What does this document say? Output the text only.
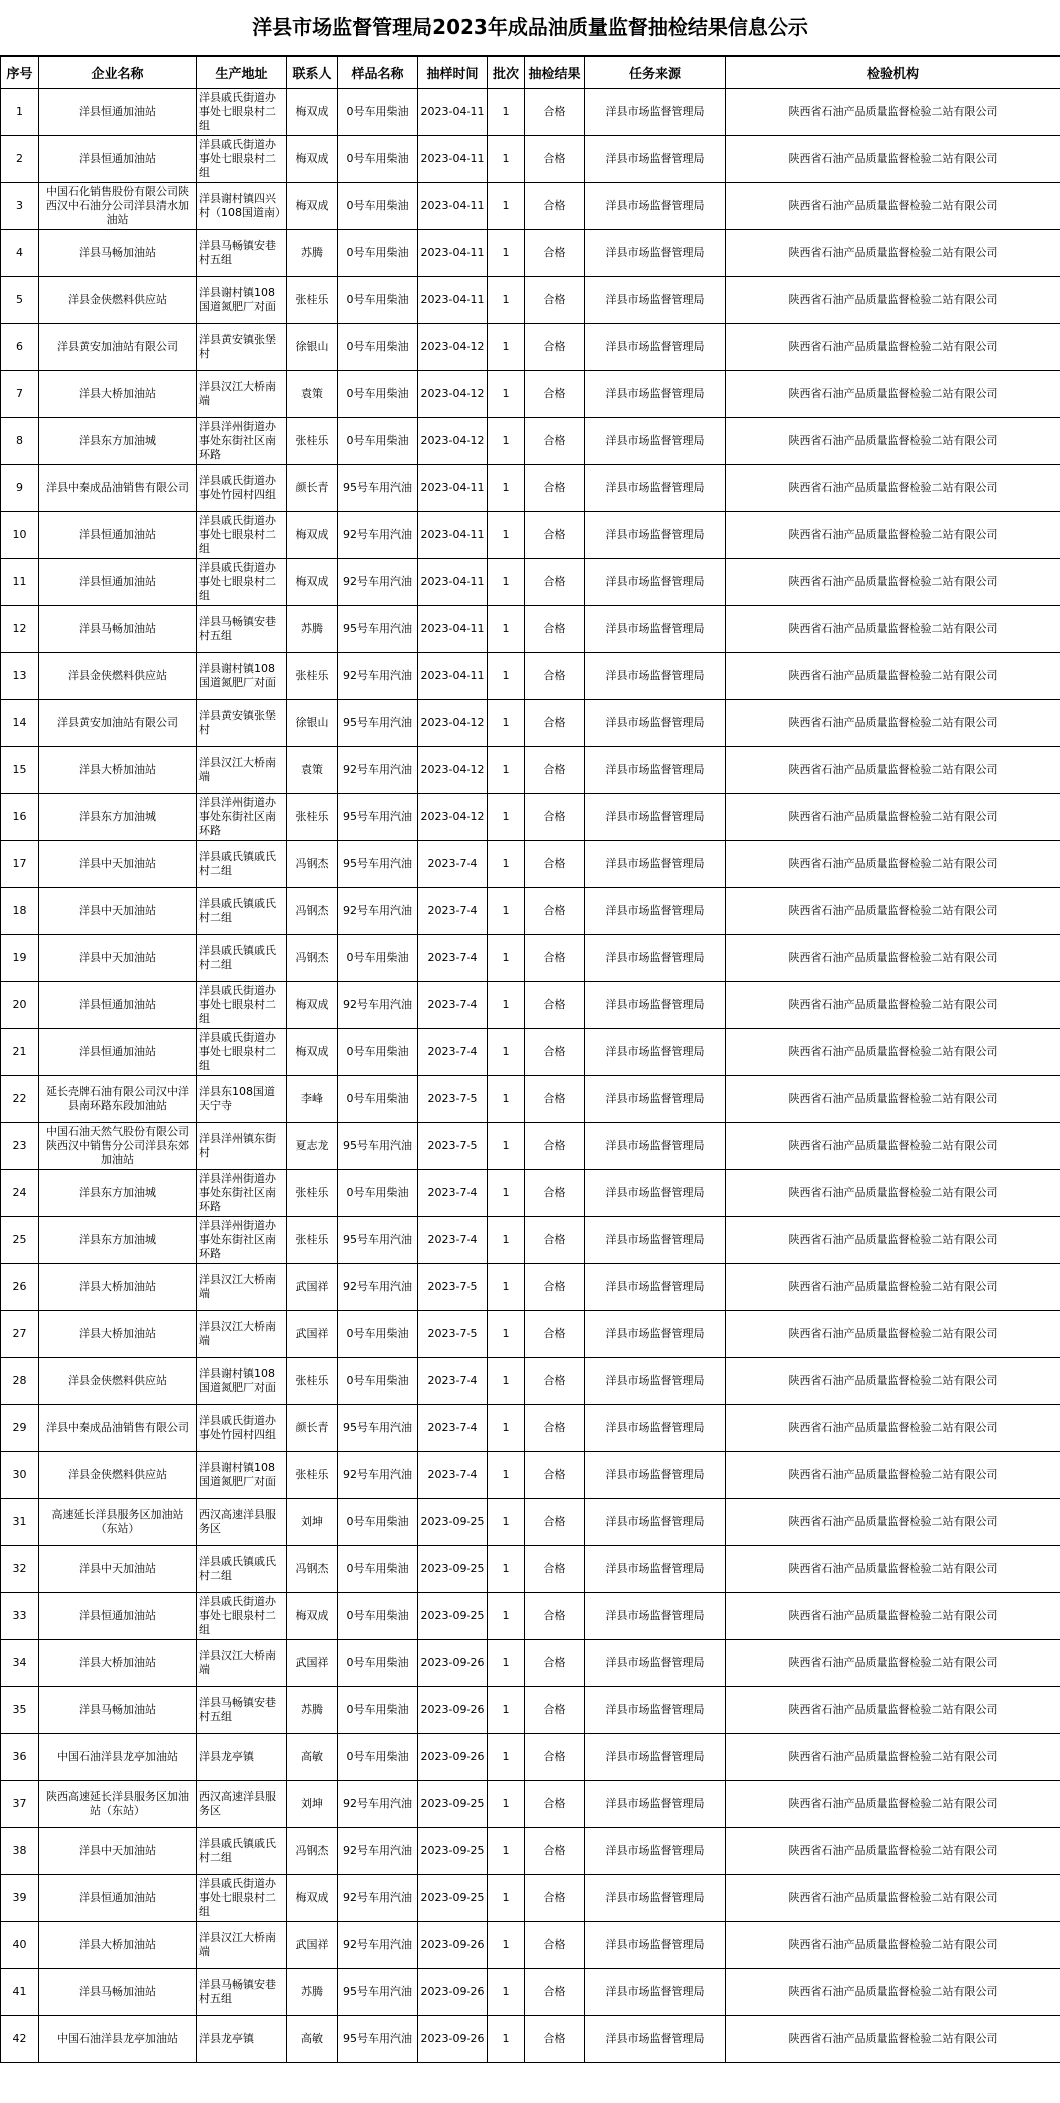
洋县市场监督管理局2023年成品油质量监督抽检结果信息公示
序号	企业名称	生产地址	联系人	样品名称	抽样时间	批次	抽检结果	任务来源	检验机构
1	洋县恒通加油站	洋县戚氏街道办事处七眼泉村二组	梅双成	0号车用柴油	2023-04-11	1	合格	洋县市场监督管理局	陕西省石油产品质量监督检验二站有限公司
2	洋县恒通加油站	洋县戚氏街道办事处七眼泉村二组	梅双成	0号车用柴油	2023-04-11	1	合格	洋县市场监督管理局	陕西省石油产品质量监督检验二站有限公司
3	中国石化销售股份有限公司陕西汉中石油分公司洋县清水加油站	洋县谢村镇四兴村（108国道南）	梅双成	0号车用柴油	2023-04-11	1	合格	洋县市场监督管理局	陕西省石油产品质量监督检验二站有限公司
4	洋县马畅加油站	洋县马畅镇安巷村五组	苏腾	0号车用柴油	2023-04-11	1	合格	洋县市场监督管理局	陕西省石油产品质量监督检验二站有限公司
5	洋县金侠燃料供应站	洋县谢村镇108国道氮肥厂对面	张桂乐	0号车用柴油	2023-04-11	1	合格	洋县市场监督管理局	陕西省石油产品质量监督检验二站有限公司
6	洋县黄安加油站有限公司	洋县黄安镇张堡村	徐银山	0号车用柴油	2023-04-12	1	合格	洋县市场监督管理局	陕西省石油产品质量监督检验二站有限公司
7	洋县大桥加油站	洋县汉江大桥南端	袁策	0号车用柴油	2023-04-12	1	合格	洋县市场监督管理局	陕西省石油产品质量监督检验二站有限公司
8	洋县东方加油城	洋县洋州街道办事处东街社区南环路	张桂乐	0号车用柴油	2023-04-12	1	合格	洋县市场监督管理局	陕西省石油产品质量监督检验二站有限公司
9	洋县中秦成品油销售有限公司	洋县戚氏街道办事处竹园村四组	颜长青	95号车用汽油	2023-04-11	1	合格	洋县市场监督管理局	陕西省石油产品质量监督检验二站有限公司
10	洋县恒通加油站	洋县戚氏街道办事处七眼泉村二组	梅双成	92号车用汽油	2023-04-11	1	合格	洋县市场监督管理局	陕西省石油产品质量监督检验二站有限公司
11	洋县恒通加油站	洋县戚氏街道办事处七眼泉村二组	梅双成	92号车用汽油	2023-04-11	1	合格	洋县市场监督管理局	陕西省石油产品质量监督检验二站有限公司
12	洋县马畅加油站	洋县马畅镇安巷村五组	苏腾	95号车用汽油	2023-04-11	1	合格	洋县市场监督管理局	陕西省石油产品质量监督检验二站有限公司
13	洋县金侠燃料供应站	洋县谢村镇108国道氮肥厂对面	张桂乐	92号车用汽油	2023-04-11	1	合格	洋县市场监督管理局	陕西省石油产品质量监督检验二站有限公司
14	洋县黄安加油站有限公司	洋县黄安镇张堡村	徐银山	95号车用汽油	2023-04-12	1	合格	洋县市场监督管理局	陕西省石油产品质量监督检验二站有限公司
15	洋县大桥加油站	洋县汉江大桥南端	袁策	92号车用汽油	2023-04-12	1	合格	洋县市场监督管理局	陕西省石油产品质量监督检验二站有限公司
16	洋县东方加油城	洋县洋州街道办事处东街社区南环路	张桂乐	95号车用汽油	2023-04-12	1	合格	洋县市场监督管理局	陕西省石油产品质量监督检验二站有限公司
17	洋县中天加油站	洋县戚氏镇戚氏村二组	冯钢杰	95号车用汽油	2023-7-4	1	合格	洋县市场监督管理局	陕西省石油产品质量监督检验二站有限公司
18	洋县中天加油站	洋县戚氏镇戚氏村二组	冯钢杰	92号车用汽油	2023-7-4	1	合格	洋县市场监督管理局	陕西省石油产品质量监督检验二站有限公司
19	洋县中天加油站	洋县戚氏镇戚氏村二组	冯钢杰	0号车用柴油	2023-7-4	1	合格	洋县市场监督管理局	陕西省石油产品质量监督检验二站有限公司
20	洋县恒通加油站	洋县戚氏街道办事处七眼泉村二组	梅双成	92号车用汽油	2023-7-4	1	合格	洋县市场监督管理局	陕西省石油产品质量监督检验二站有限公司
21	洋县恒通加油站	洋县戚氏街道办事处七眼泉村二组	梅双成	0号车用柴油	2023-7-4	1	合格	洋县市场监督管理局	陕西省石油产品质量监督检验二站有限公司
22	延长壳牌石油有限公司汉中洋县南环路东段加油站	洋县东108国道天宁寺	李峰	0号车用柴油	2023-7-5	1	合格	洋县市场监督管理局	陕西省石油产品质量监督检验二站有限公司
23	中国石油天然气股份有限公司陕西汉中销售分公司洋县东郊加油站	洋县洋州镇东街村	夏志龙	95号车用汽油	2023-7-5	1	合格	洋县市场监督管理局	陕西省石油产品质量监督检验二站有限公司
24	洋县东方加油城	洋县洋州街道办事处东街社区南环路	张桂乐	0号车用柴油	2023-7-4	1	合格	洋县市场监督管理局	陕西省石油产品质量监督检验二站有限公司
25	洋县东方加油城	洋县洋州街道办事处东街社区南环路	张桂乐	95号车用汽油	2023-7-4	1	合格	洋县市场监督管理局	陕西省石油产品质量监督检验二站有限公司
26	洋县大桥加油站	洋县汉江大桥南端	武国祥	92号车用汽油	2023-7-5	1	合格	洋县市场监督管理局	陕西省石油产品质量监督检验二站有限公司
27	洋县大桥加油站	洋县汉江大桥南端	武国祥	0号车用柴油	2023-7-5	1	合格	洋县市场监督管理局	陕西省石油产品质量监督检验二站有限公司
28	洋县金侠燃料供应站	洋县谢村镇108国道氮肥厂对面	张桂乐	0号车用柴油	2023-7-4	1	合格	洋县市场监督管理局	陕西省石油产品质量监督检验二站有限公司
29	洋县中秦成品油销售有限公司	洋县戚氏街道办事处竹园村四组	颜长青	95号车用汽油	2023-7-4	1	合格	洋县市场监督管理局	陕西省石油产品质量监督检验二站有限公司
30	洋县金侠燃料供应站	洋县谢村镇108国道氮肥厂对面	张桂乐	92号车用汽油	2023-7-4	1	合格	洋县市场监督管理局	陕西省石油产品质量监督检验二站有限公司
31	高速延长洋县服务区加油站（东站）	西汉高速洋县服务区	刘坤	0号车用柴油	2023-09-25	1	合格	洋县市场监督管理局	陕西省石油产品质量监督检验二站有限公司
32	洋县中天加油站	洋县戚氏镇戚氏村二组	冯钢杰	0号车用柴油	2023-09-25	1	合格	洋县市场监督管理局	陕西省石油产品质量监督检验二站有限公司
33	洋县恒通加油站	洋县戚氏街道办事处七眼泉村二组	梅双成	0号车用柴油	2023-09-25	1	合格	洋县市场监督管理局	陕西省石油产品质量监督检验二站有限公司
34	洋县大桥加油站	洋县汉江大桥南端	武国祥	0号车用柴油	2023-09-26	1	合格	洋县市场监督管理局	陕西省石油产品质量监督检验二站有限公司
35	洋县马畅加油站	洋县马畅镇安巷村五组	苏腾	0号车用柴油	2023-09-26	1	合格	洋县市场监督管理局	陕西省石油产品质量监督检验二站有限公司
36	中国石油洋县龙亭加油站	洋县龙亭镇	高敏	0号车用柴油	2023-09-26	1	合格	洋县市场监督管理局	陕西省石油产品质量监督检验二站有限公司
37	陕西高速延长洋县服务区加油站（东站）	西汉高速洋县服务区	刘坤	92号车用汽油	2023-09-25	1	合格	洋县市场监督管理局	陕西省石油产品质量监督检验二站有限公司
38	洋县中天加油站	洋县戚氏镇戚氏村二组	冯钢杰	92号车用汽油	2023-09-25	1	合格	洋县市场监督管理局	陕西省石油产品质量监督检验二站有限公司
39	洋县恒通加油站	洋县戚氏街道办事处七眼泉村二组	梅双成	92号车用汽油	2023-09-25	1	合格	洋县市场监督管理局	陕西省石油产品质量监督检验二站有限公司
40	洋县大桥加油站	洋县汉江大桥南端	武国祥	92号车用汽油	2023-09-26	1	合格	洋县市场监督管理局	陕西省石油产品质量监督检验二站有限公司
41	洋县马畅加油站	洋县马畅镇安巷村五组	苏腾	95号车用汽油	2023-09-26	1	合格	洋县市场监督管理局	陕西省石油产品质量监督检验二站有限公司
42	中国石油洋县龙亭加油站	洋县龙亭镇	高敏	95号车用汽油	2023-09-26	1	合格	洋县市场监督管理局	陕西省石油产品质量监督检验二站有限公司
